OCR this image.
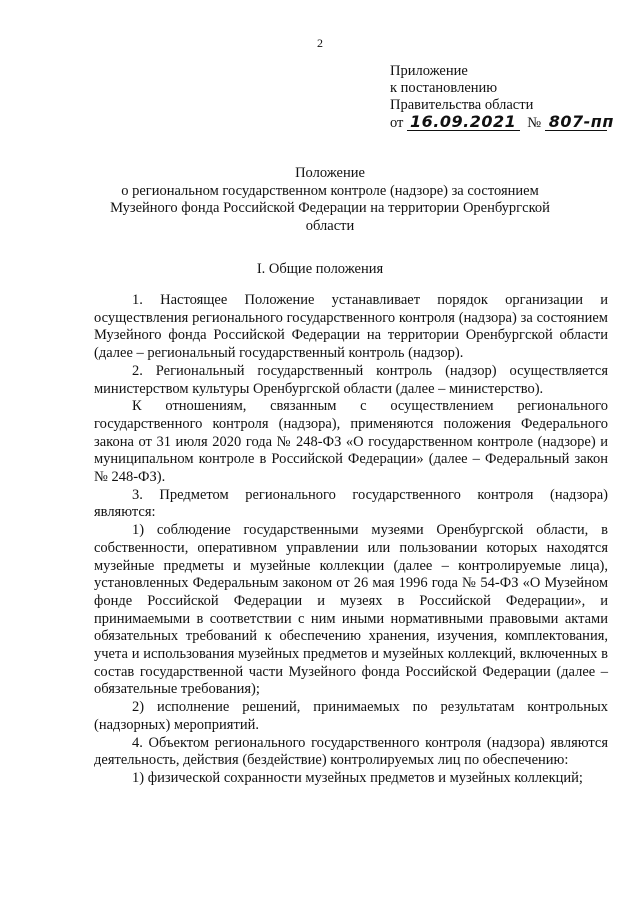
2
Приложение
к постановлению
Правительства области
от
16.09.2021
№
807-пп
Положение
о региональном государственном контроле (надзоре) за состоянием
Музейного фонда Российской Федерации на территории Оренбургской
области
I. Общие положения

1. Настоящее Положение устанавливает порядок организации и осуществления регионального государственного контроля (надзора) за состоянием Музейного фонда Российской Федерации на территории Оренбургской области (далее – региональный государственный контроль (надзор).

2. Региональный государственный контроль (надзор) осуществляется министерством культуры Оренбургской области (далее – министерство).

К отношениям, связанным с осуществлением регионального государственного контроля (надзора), применяются положения Федерального закона от 31 июля 2020 года № 248-ФЗ «О государственном контроле (надзоре) и муниципальном контроле в Российской Федерации» (далее – Федеральный закон № 248-ФЗ).

3. Предметом регионального государственного контроля (надзора) являются:

1) соблюдение государственными музеями Оренбургской области, в собственности, оперативном управлении или пользовании которых находятся музейные предметы и музейные коллекции (далее – контролируемые лица), установленных Федеральным законом от 26 мая 1996 года № 54-ФЗ «О Музейном фонде Российской Федерации и музеях в Российской Федерации», и принимаемыми в соответствии с ним иными нормативными правовыми актами обязательных требований к обеспечению хранения, изучения, комплектования, учета и использования музейных предметов и музейных коллекций, включенных в состав государственной части Музейного фонда Российской Федерации (далее – обязательные требования);

2) исполнение решений, принимаемых по результатам контрольных (надзорных) мероприятий.

4. Объектом регионального государственного контроля (надзора) являются деятельность, действия (бездействие) контролируемых лиц по обеспечению:

1) физической сохранности музейных предметов и музейных коллекций;
